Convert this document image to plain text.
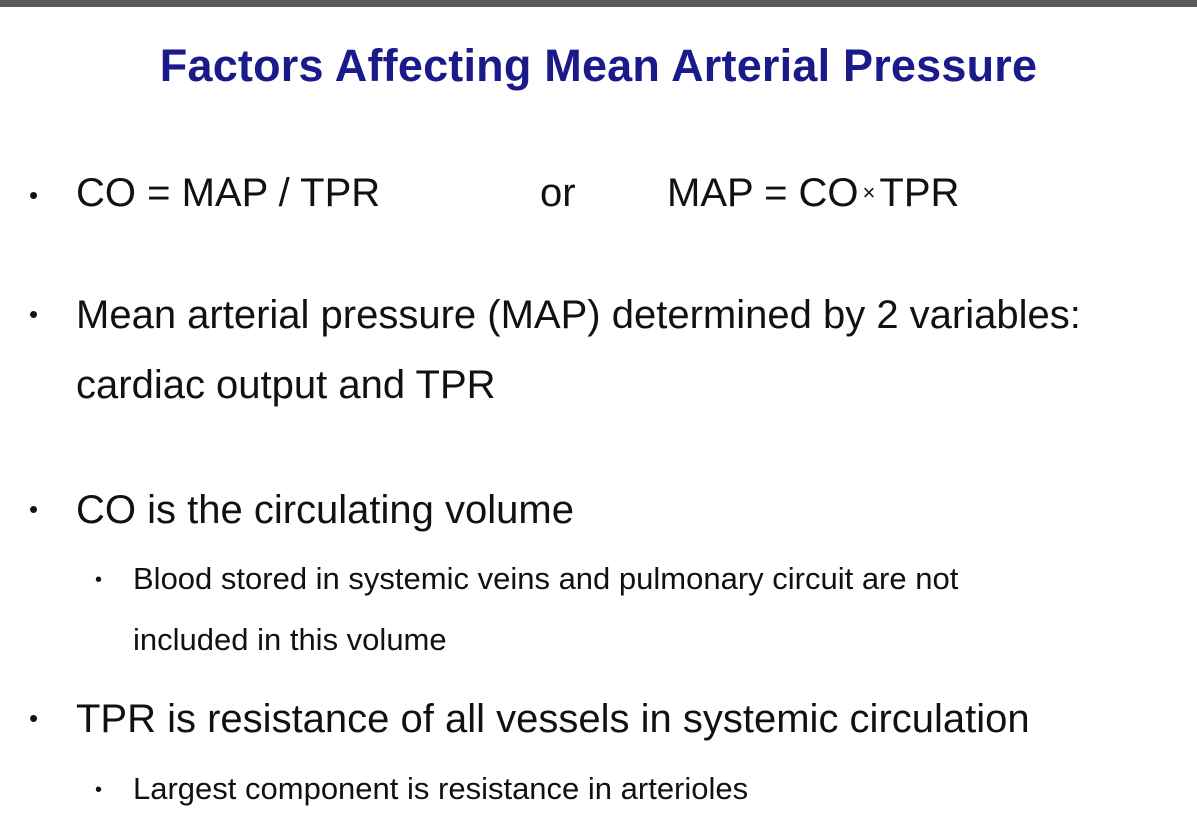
Factors Affecting Mean Arterial Pressure
• CO = MAP / TPR	or MAP = CO × TPR
• Mean arterial pressure (MAP) determined by 2 variables:
cardiac output and TPR
• CO is the circulating volume
• Blood stored in systemic veins and pulmonary circuit are not
included in this volume
• TPR is resistance of all vessels in systemic circulation
• Largest component is resistance in arterioles
